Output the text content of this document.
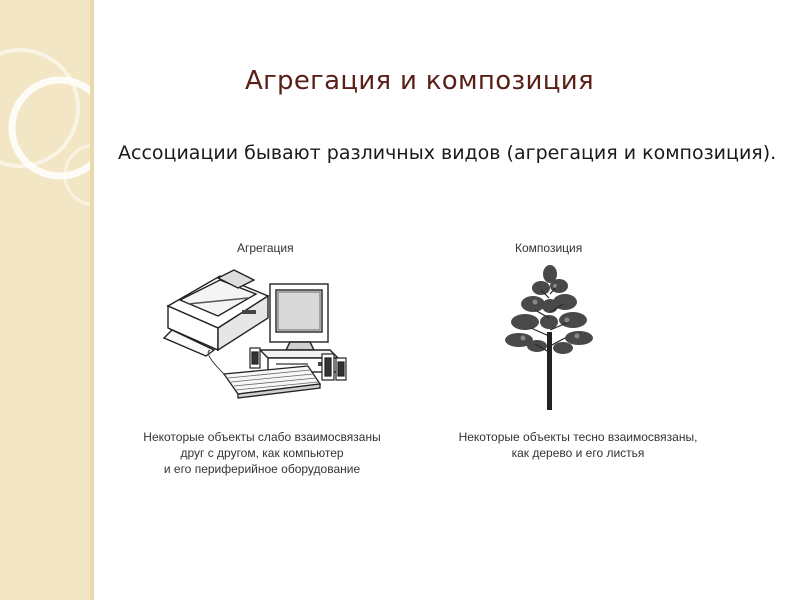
Агрегация и композиция
Ассоциации бывают различных видов (агрегация и композиция).
Агрегация
Некоторые объекты слабо взаимосвязаны
друг с другом, как компьютер
и его периферийное оборудование
Композиция
Некоторые объекты тесно взаимосвязаны,
как дерево и его листья
